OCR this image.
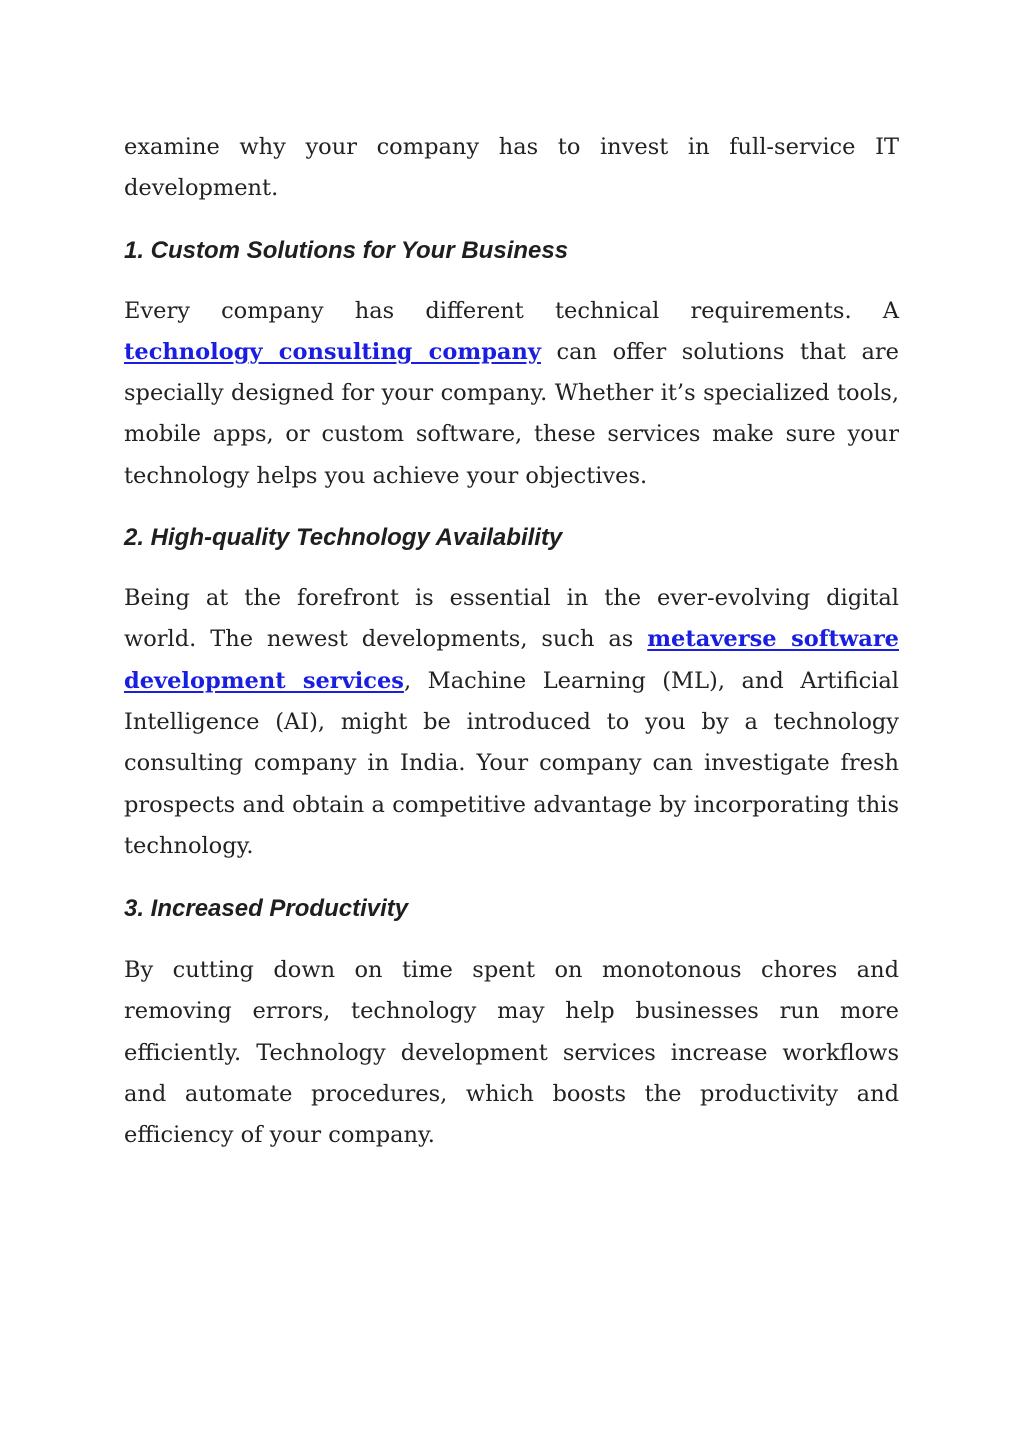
examine why your company has to invest in full-service IT development.

1. Custom Solutions for Your Business

Every company has different technical requirements. A technology consulting company can offer solutions that are specially designed for your company. Whether it’s specialized tools, mobile apps, or custom software, these services make sure your technology helps you achieve your objectives.

2. High-quality Technology Availability

Being at the forefront is essential in the ever-evolving digital world. The newest developments, such as metaverse software development services, Machine Learning (ML), and Artificial Intelligence (AI), might be introduced to you by a technology consulting company in India. Your company can investigate fresh prospects and obtain a competitive advantage by incorporating this technology.

3. Increased Productivity

By cutting down on time spent on monotonous chores and removing errors, technology may help businesses run more efficiently. Technology development services increase workflows and automate procedures, which boosts the productivity and efficiency of your company.
